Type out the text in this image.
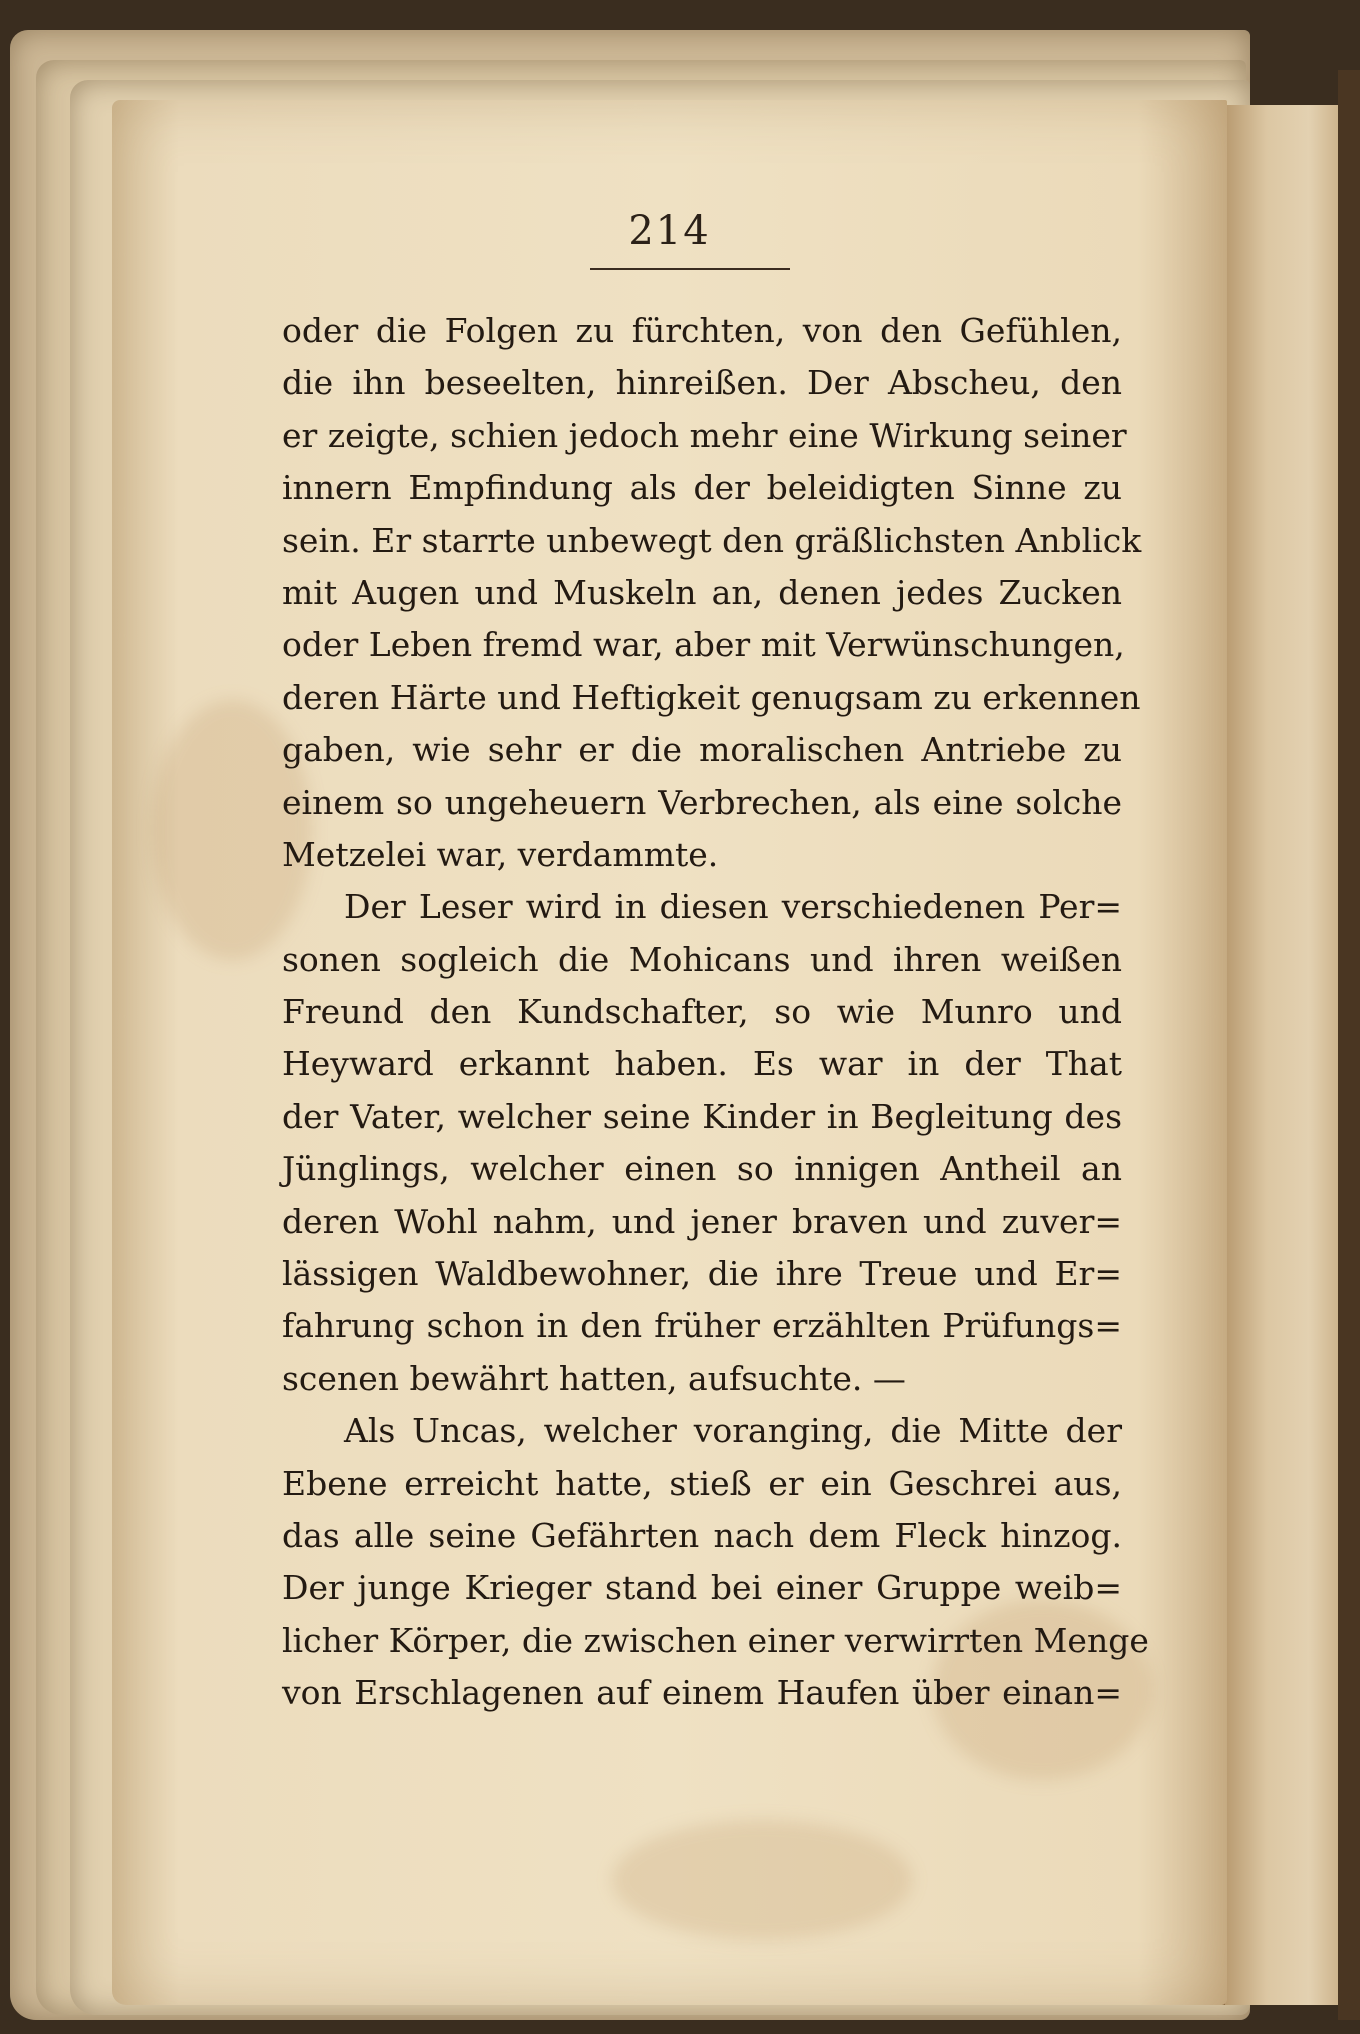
214
oder die Folgen zu fürchten, von den Gefühlen,
die ihn beseelten, hinreißen. Der Abscheu, den
er zeigte, schien jedoch mehr eine Wirkung seiner
innern Empfindung als der beleidigten Sinne zu
sein. Er starrte unbewegt den gräßlichsten Anblick
mit Augen und Muskeln an, denen jedes Zucken
oder Leben fremd war, aber mit Verwünschungen,
deren Härte und Heftigkeit genugsam zu erkennen
gaben, wie sehr er die moralischen Antriebe zu
einem so ungeheuern Verbrechen, als eine solche
Metzelei war, verdammte.
Der Leser wird in diesen verschiedenen Per=
sonen sogleich die Mohicans und ihren weißen
Freund den Kundschafter, so wie Munro und
Heyward erkannt haben. Es war in der That
der Vater, welcher seine Kinder in Begleitung des
Jünglings, welcher einen so innigen Antheil an
deren Wohl nahm, und jener braven und zuver=
lässigen Waldbewohner, die ihre Treue und Er=
fahrung schon in den früher erzählten Prüfungs=
scenen bewährt hatten, aufsuchte. —
Als Uncas, welcher voranging, die Mitte der
Ebene erreicht hatte, stieß er ein Geschrei aus,
das alle seine Gefährten nach dem Fleck hinzog.
Der junge Krieger stand bei einer Gruppe weib=
licher Körper, die zwischen einer verwirrten Menge
von Erschlagenen auf einem Haufen über einan=
